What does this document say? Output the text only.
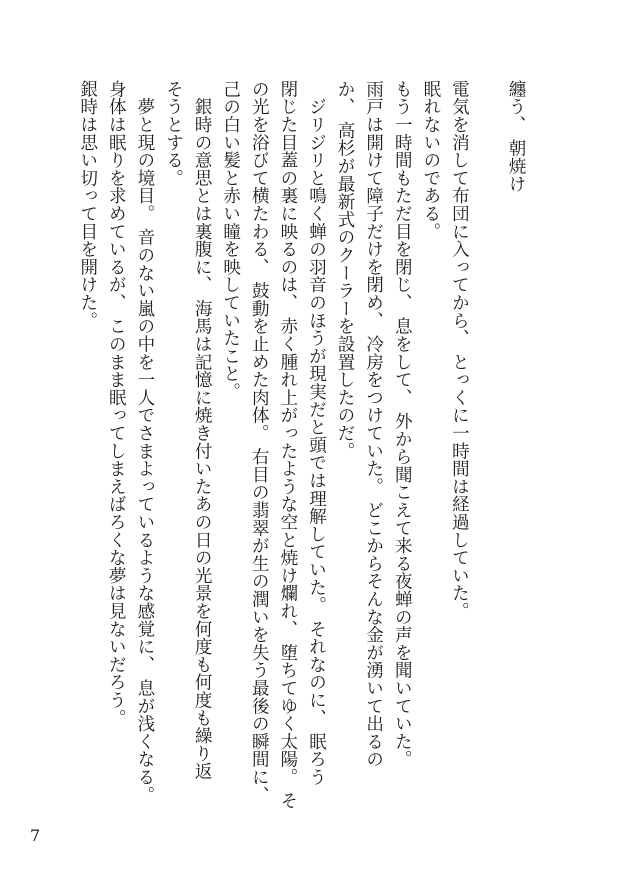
纏う、 朝焼け
電気を消して布団に入ってから、 とっくに一時間は経過していた。
眠れないのである。
もう一時間もただ目を閉じ、 息をして、 外から聞こえて来る夜蝉の声を聞いていた。
雨戸は開けて障子だけを閉め、 冷房をつけていた。 どこからそんな金が湧いて出るの
か、 高杉が最新式のクーラーを設置したのだ。
　ジリジリと鳴く蝉の羽音のほうが現実だと頭では理解していた。 それなのに、 眠ろう
閉じた目蓋の裏に映るのは、 赤く腫れ上がったような空と焼け爛れ、 堕ちてゆく太陽。 そ
の光を浴びて横たわる、 鼓動を止めた肉体。 右目の翡翠が生の潤いを失う最後の瞬間に、
己の白い髪と赤い瞳を映していたこと。
　銀時の意思とは裏腹に、 海馬は記憶に焼き付いたあの日の光景を何度も何度も繰り返
そうとする。
　夢と現の境目。 音のない嵐の中を一人でさまよっているような感覚に、 息が浅くなる。
身体は眠りを求めているが、 このまま眠ってしまえばろくな夢は見ないだろう。
銀時は思い切って目を開けた。
7
